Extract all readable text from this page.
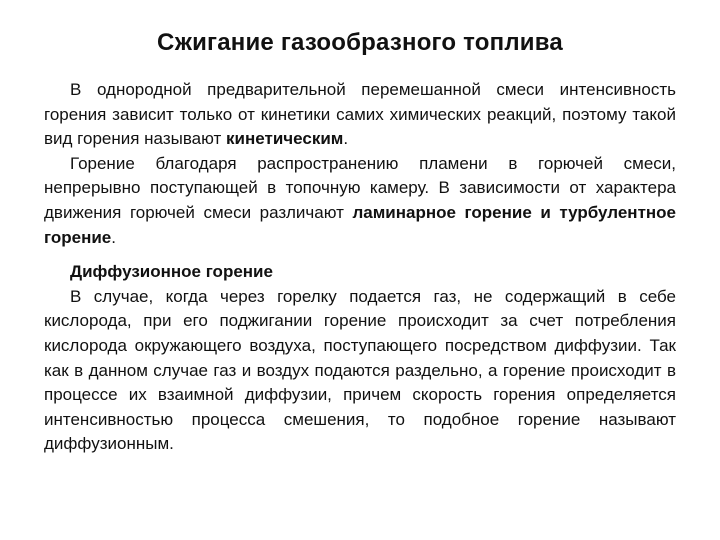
Сжигание газообразного топлива

В однородной предварительной перемешанной смеси интенсивность горения зависит только от кинетики самих химических реакций, поэтому такой вид горения называют кинетическим.

Горение благодаря распространению пламени в горючей смеси, непрерывно поступающей в топочную камеру. В зависимости от характера движения горючей смеси различают ламинарное горение и турбулентное горение.

Диффузионное горение

В случае, когда через горелку подается газ, не содержащий в себе кислорода, при его поджигании горение происходит за счет потребления кислорода окружающего воздуха, поступающего посредством диффузии. Так как в данном случае газ и воздух подаются раздельно, а горение происходит в процессе их взаимной диффузии, причем скорость горения определяется интенсивностью процесса смешения, то подобное горение называют диффузионным.
